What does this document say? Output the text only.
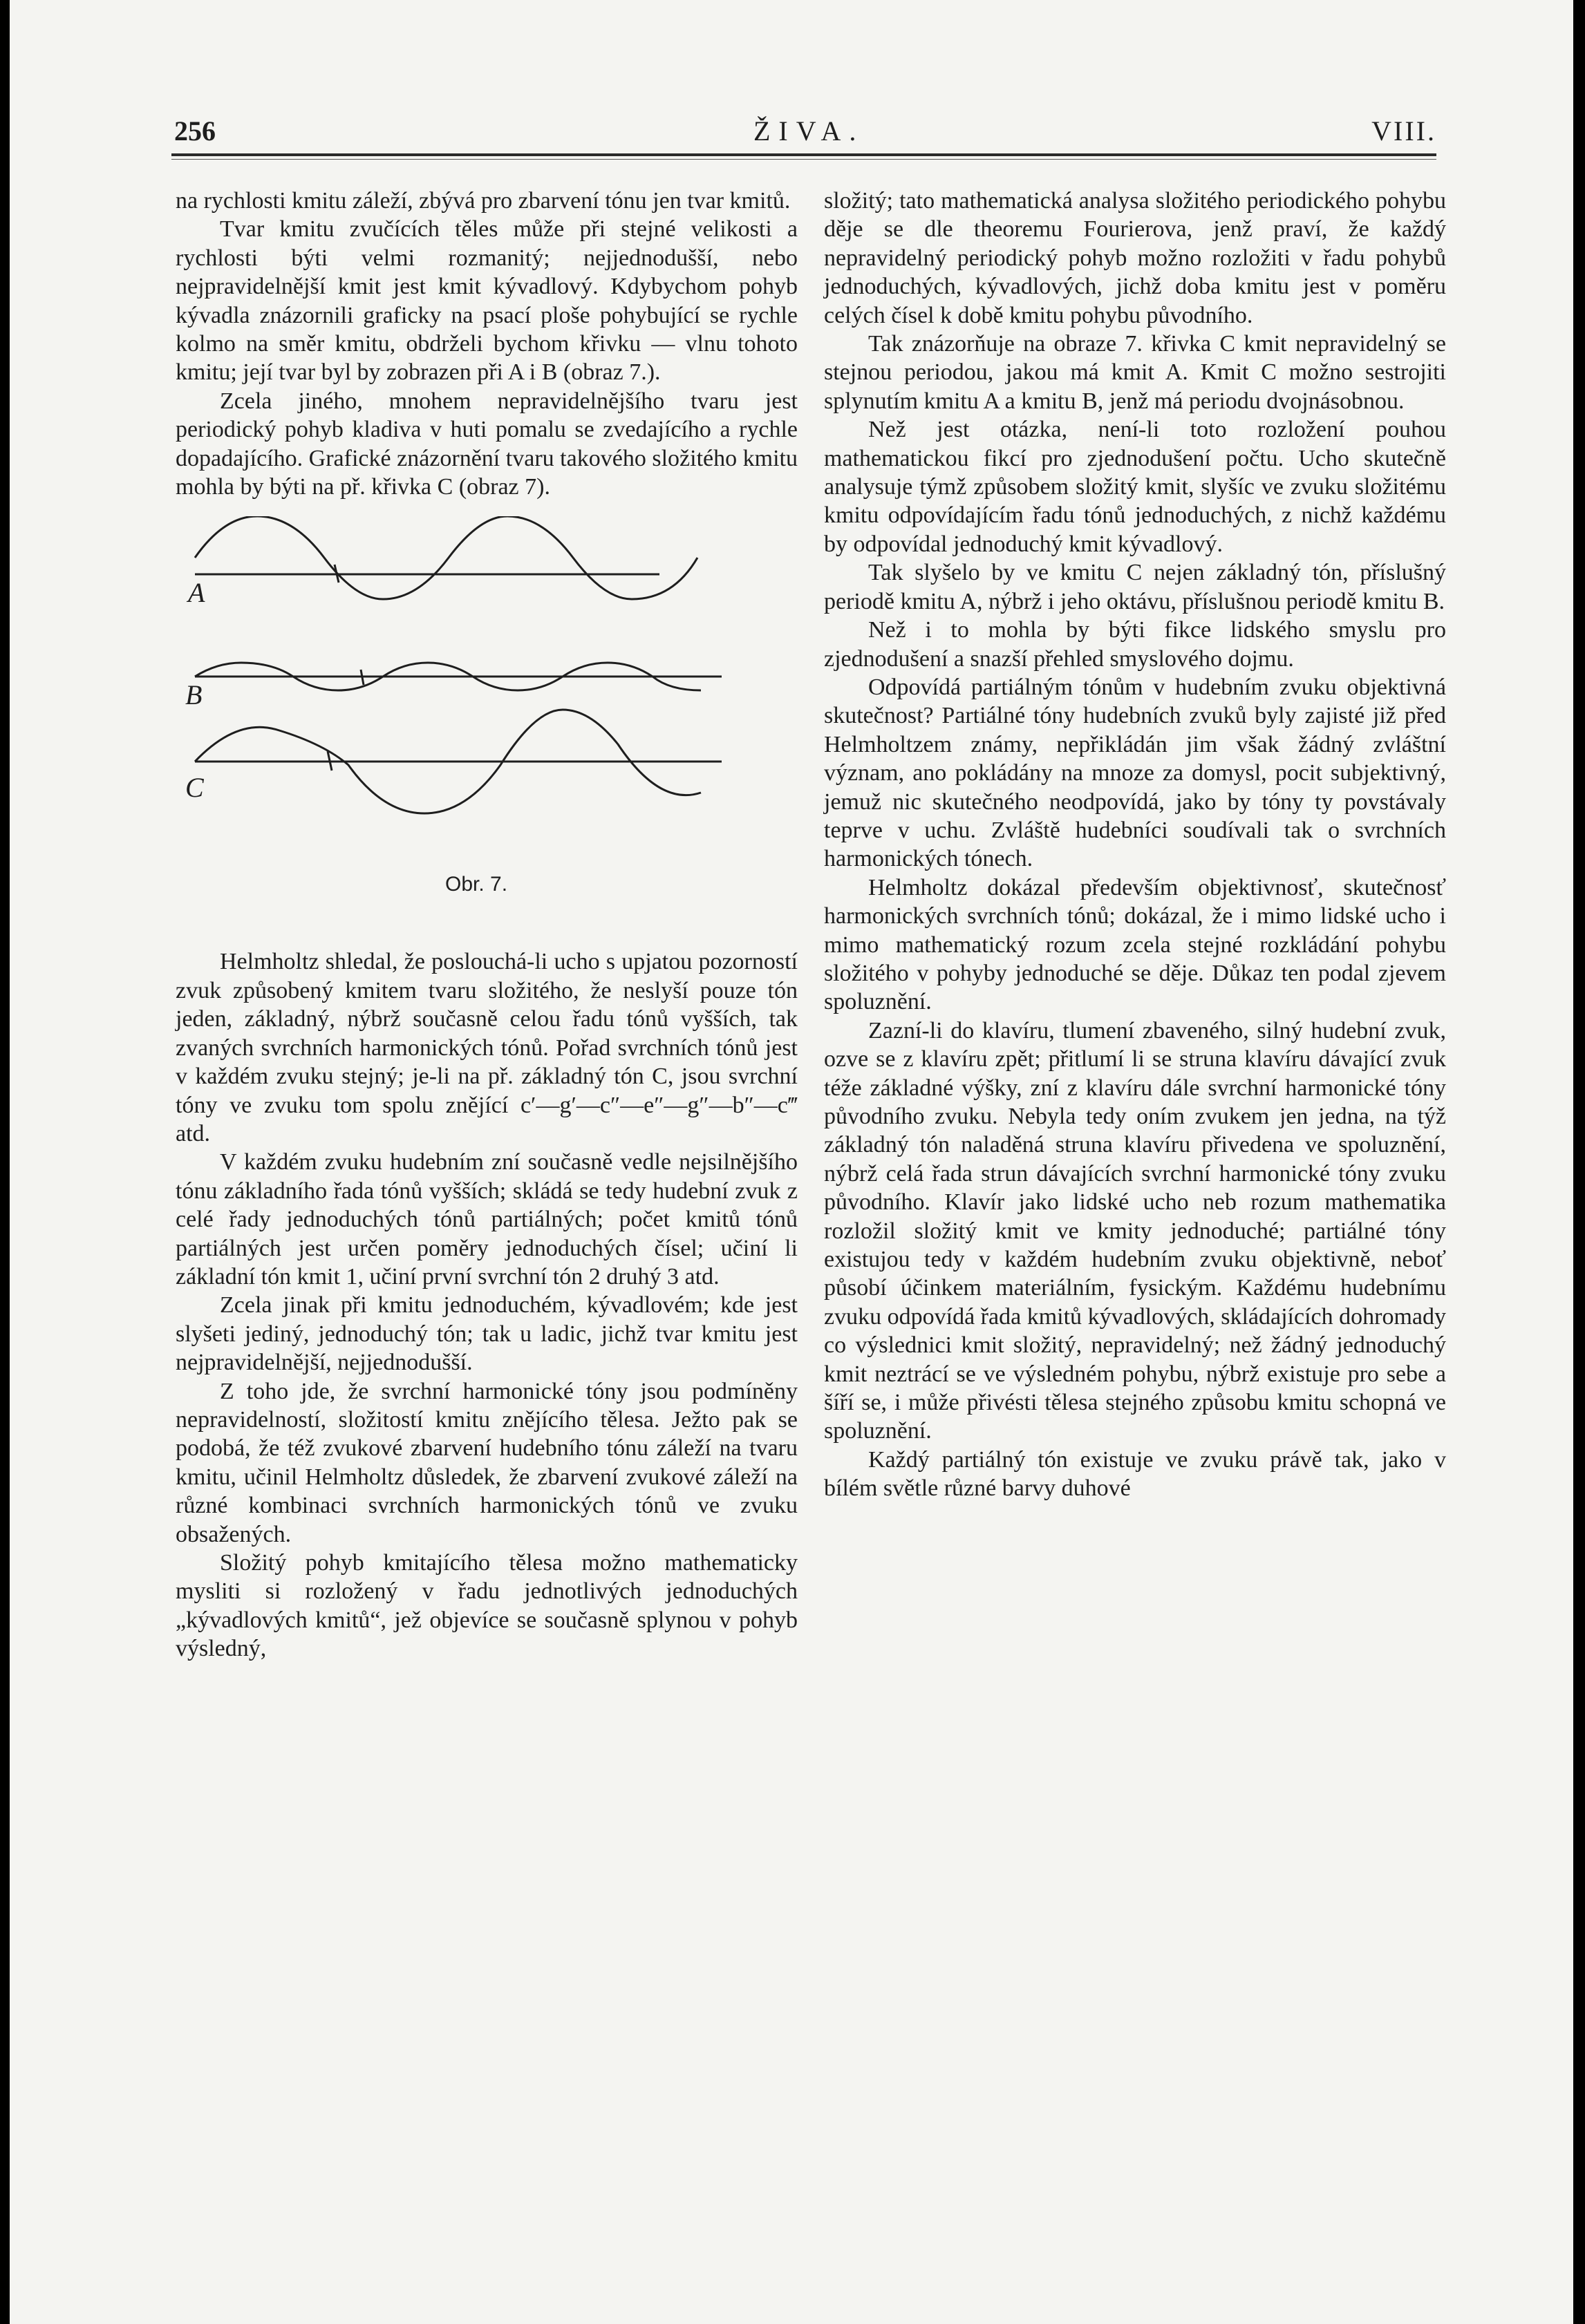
256	ŽIVA.	VIII.

na rychlosti kmitu záleží, zbývá pro zbarvení tónu jen tvar kmitů.

Tvar kmitu zvučících těles může při stejné velikosti a rychlosti býti velmi rozmanitý; nejjednodušší, nebo nejpravidelnější kmit jest kmit kývadlový. Kdybychom pohyb kývadla znázornili graficky na psací ploše pohybující se rychle kolmo na směr kmitu, obdrželi bychom křivku — vlnu tohoto kmitu; její tvar byl by zobrazen při A i B (obraz 7.).

Zcela jiného, mnohem nepravidelnějšího tvaru jest periodický pohyb kladiva v huti pomalu se zvedajícího a rychle dopadajícího. Grafické znázornění tvaru takového složitého kmitu mohla by býti na př. křivka C (obraz 7).

A
B
C
Obr. 7.

Helmholtz shledal, že poslouchá-li ucho s upjatou pozorností zvuk způsobený kmitem tvaru složitého, že neslyší pouze tón jeden, základný, nýbrž současně celou řadu tónů vyšších, tak zvaných svrchních harmonických tónů. Pořad svrchních tónů jest v každém zvuku stejný; je-li na př. základný tón C, jsou svrchní tóny ve zvuku tom spolu znějící c′—g′—c″—e″—g″—b″—c‴ atd.

V každém zvuku hudebním zní současně vedle nejsilnějšího tónu základního řada tónů vyšších; skládá se tedy hudební zvuk z celé řady jednoduchých tónů partiálných; počet kmitů tónů partiálných jest určen poměry jednoduchých čísel; učiní li základní tón kmit 1, učiní první svrchní tón 2 druhý 3 atd.

Zcela jinak při kmitu jednoduchém, kývadlovém; kde jest slyšeti jediný, jednoduchý tón; tak u ladic, jichž tvar kmitu jest nejpravidelnější, nejjednodušší.

Z toho jde, že svrchní harmonické tóny jsou podmíněny nepravidelností, složitostí kmitu znějícího tělesa. Ježto pak se podobá, že též zvukové zbarvení hudebního tónu záleží na tvaru kmitu, učinil Helmholtz důsledek, že zbarvení zvukové záleží na různé kombinaci svrchních harmonických tónů ve zvuku obsažených.

Složitý pohyb kmitajícího tělesa možno mathematicky mysliti si rozložený v řadu jednotlivých jednoduchých „kývadlových kmitů“, jež objevíce se současně splynou v pohyb výsledný,

složitý; tato mathematická analysa složitého periodického pohybu děje se dle theoremu Fourierova, jenž praví, že každý nepravidelný periodický pohyb možno rozložiti v řadu pohybů jednoduchých, kývadlových, jichž doba kmitu jest v poměru celých čísel k době kmitu pohybu původního.

Tak znázorňuje na obraze 7. křivka C kmit nepravidelný se stejnou periodou, jakou má kmit A. Kmit C možno sestrojiti splynutím kmitu A a kmitu B, jenž má periodu dvojnásobnou.

Než jest otázka, není-li toto rozložení pouhou mathematickou fikcí pro zjednodušení počtu. Ucho skutečně analysuje týmž způsobem složitý kmit, slyšíc ve zvuku složitému kmitu odpovídajícím řadu tónů jednoduchých, z nichž každému by odpovídal jednoduchý kmit kývadlový.

Tak slyšelo by ve kmitu C nejen základný tón, příslušný periodě kmitu A, nýbrž i jeho oktávu, příslušnou periodě kmitu B.

Než i to mohla by býti fikce lidského smyslu pro zjednodušení a snazší přehled smyslového dojmu.

Odpovídá partiálným tónům v hudebním zvuku objektivná skutečnost? Partiálné tóny hudebních zvuků byly zajisté již před Helmholtzem známy, nepřikládán jim však žádný zvláštní význam, ano pokládány na mnoze za domysl, pocit subjektivný, jemuž nic skutečného neodpovídá, jako by tóny ty povstávaly teprve v uchu. Zvláště hudebníci soudívali tak o svrchních harmonických tónech.

Helmholtz dokázal především objektivnosť, skutečnosť harmonických svrchních tónů; dokázal, že i mimo lidské ucho i mimo mathematický rozum zcela stejné rozkládání pohybu složitého v pohyby jednoduché se děje. Důkaz ten podal zjevem spoluznění.

Zazní-li do klavíru, tlumení zbaveného, silný hudební zvuk, ozve se z klavíru zpět; přitlumí li se struna klavíru dávající zvuk téže základné výšky, zní z klavíru dále svrchní harmonické tóny původního zvuku. Nebyla tedy oním zvukem jen jedna, na týž základný tón naladěná struna klavíru přivedena ve spoluznění, nýbrž celá řada strun dávajících svrchní harmonické tóny zvuku původního. Klavír jako lidské ucho neb rozum mathematika rozložil složitý kmit ve kmity jednoduché; partiálné tóny existujou tedy v každém hudebním zvuku objektivně, neboť působí účinkem materiálním, fysickým. Každému hudebnímu zvuku odpovídá řada kmitů kývadlových, skládajících dohromady co výslednici kmit složitý, nepravidelný; než žádný jednoduchý kmit neztrácí se ve výsledném pohybu, nýbrž existuje pro sebe a šíří se, i může přivésti tělesa stejného způsobu kmitu schopná ve spoluznění.

Každý partiálný tón existuje ve zvuku právě tak, jako v bílém světle různé barvy duhové
